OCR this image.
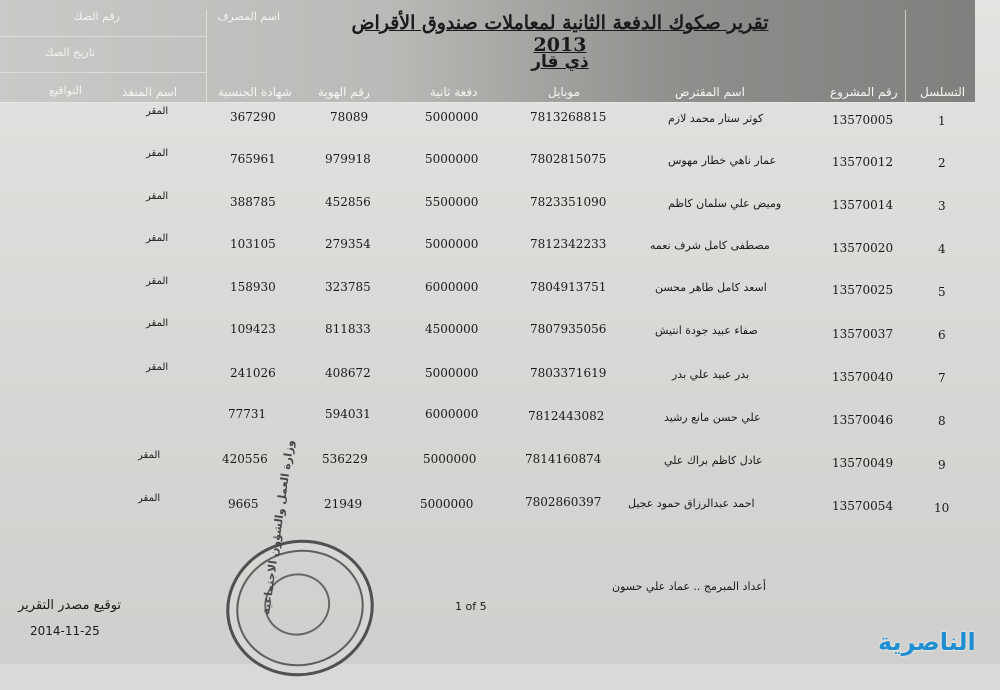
رقم الصك
تاريخ الصك
التواقيع
اسم المصرف	تقرير صكوك الدفعة الثانية لمعاملات صندوق الأقراض 2013
ذي قار
التسلسل
رقم المشروع
اسم المقترض
موبايل
دفعة ثانية
رقم الهوية
شهادة الجنسية
اسم المنفذ
1
13570005
كوثر ستار محمد لازم
7813268815
5000000
78089
367290
المقر
2
13570012
عمار ناهي خطار مهوس
7802815075
5000000
979918
765961
المقر
3
13570014
وميض علي سلمان كاظم
7823351090
5500000
452856
388785
المقر
4
13570020
مصطفى كامل شرف نعمه
7812342233
5000000
279354
103105
المقر
5
13570025
اسعد كامل طاهر محسن
7804913751
6000000
323785
158930
المقر
6
13570037
صفاء عبيد جودة انتيش
7807935056
4500000
811833
109423
المقر
7
13570040
بدر عبيد علي بدر
7803371619
5000000
408672
241026
المقر
8
13570046
علي حسن مانع رشيد
7812443082
6000000
594031
77731
9
13570049
عادل كاظم براك علي
7814160874
5000000
536229
420556
المقر
10
13570054
احمد عبدالرزاق حمود عجيل
7802860397
5000000
21949
9665
المقر
أعداد المبرمج .. عماد علي حسون
1 of 5
توقيع مصدر التقرير
2014-11-25
وزارة العمل والشؤون الاجتماعية
الناصرية
